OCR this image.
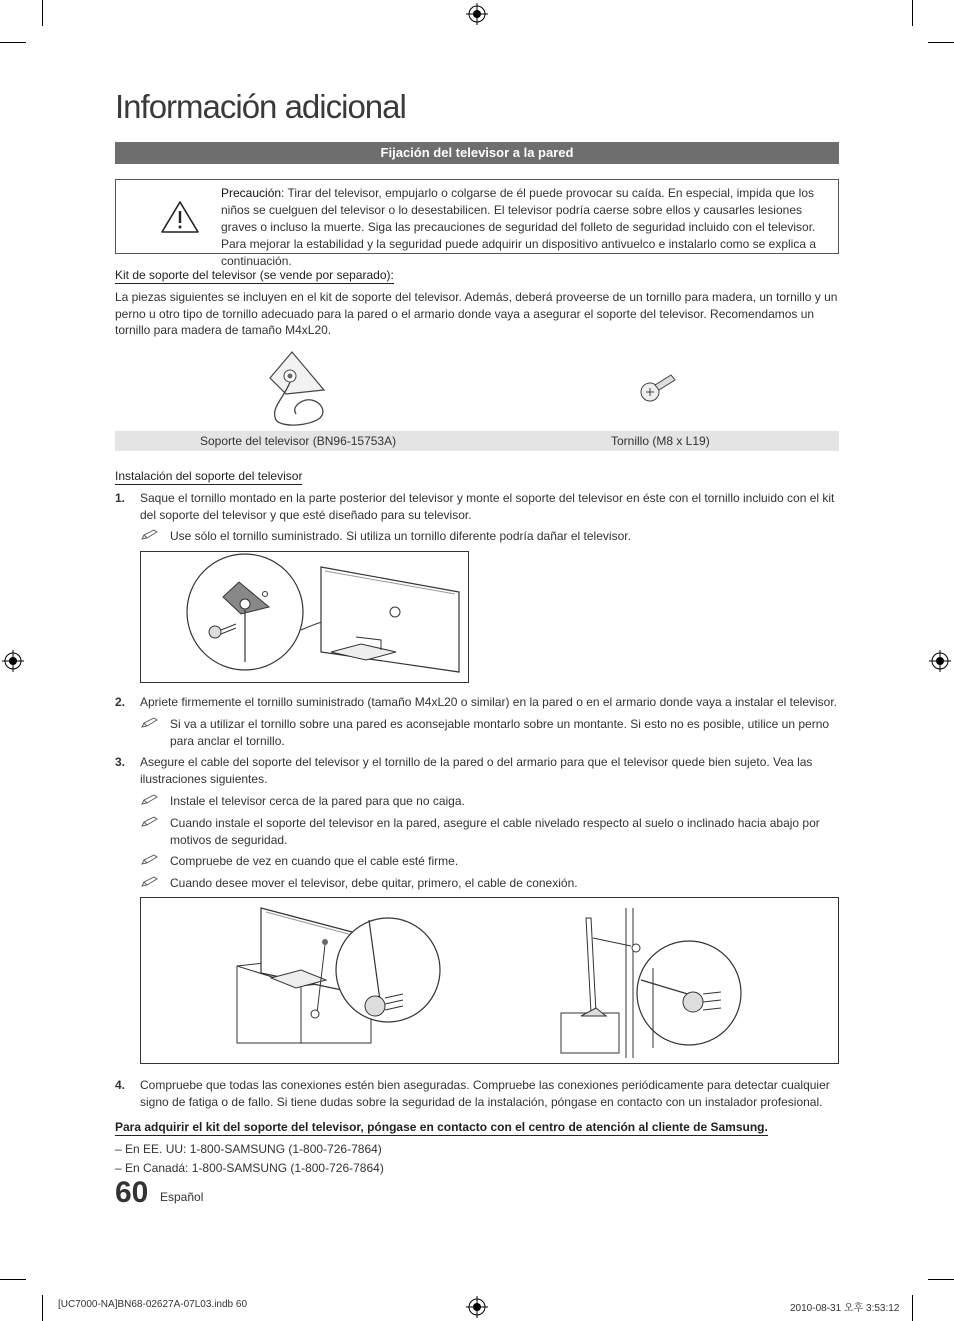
Información adicional
Fijación del televisor a la pared
Precaución: Tirar del televisor, empujarlo o colgarse de él puede provocar su caída. En especial, impida que los niños se cuelguen del televisor o lo desestabilicen. El televisor podría caerse sobre ellos y causarles lesiones graves o incluso la muerte. Siga las precauciones de seguridad del folleto de seguridad incluido con el televisor. Para mejorar la estabilidad y la seguridad puede adquirir un dispositivo antivuelco e instalarlo como se explica a continuación.
Kit de soporte del televisor (se vende por separado):
La piezas siguientes se incluyen en el kit de soporte del televisor. Además, deberá proveerse de un tornillo para madera, un tornillo y un perno u otro tipo de tornillo adecuado para la pared o el armario donde vaya a asegurar el soporte del televisor. Recomendamos un tornillo para madera de tamaño M4xL20.
Soporte del televisor (BN96-15753A)	Tornillo (M8 x L19)
Instalación del soporte del televisor
1. Saque el tornillo montado en la parte posterior del televisor y monte el soporte del televisor en éste con el tornillo incluido con el kit del soporte del televisor y que esté diseñado para su televisor.
Use sólo el tornillo suministrado. Si utiliza un tornillo diferente podría dañar el televisor.
2. Apriete firmemente el tornillo suministrado (tamaño M4xL20 o similar) en la pared o en el armario donde vaya a instalar el televisor.
Si va a utilizar el tornillo sobre una pared es aconsejable montarlo sobre un montante. Si esto no es posible, utilice un perno para anclar el tornillo.
3. Asegure el cable del soporte del televisor y el tornillo de la pared o del armario para que el televisor quede bien sujeto. Vea las ilustraciones siguientes.
Instale el televisor cerca de la pared para que no caiga.
Cuando instale el soporte del televisor en la pared, asegure el cable nivelado respecto al suelo o inclinado hacia abajo por motivos de seguridad.
Compruebe de vez en cuando que el cable esté firme.
Cuando desee mover el televisor, debe quitar, primero, el cable de conexión.
4. Compruebe que todas las conexiones estén bien aseguradas. Compruebe las conexiones periódicamente para detectar cualquier signo de fatiga o de fallo. Si tiene dudas sobre la seguridad de la instalación, póngase en contacto con un instalador profesional.
Para adquirir el kit del soporte del televisor, póngase en contacto con el centro de atención al cliente de Samsung.
– En EE. UU: 1-800-SAMSUNG (1-800-726-7864)
– En Canadá: 1-800-SAMSUNG (1-800-726-7864)
60 Español
[UC7000-NA]BN68-02627A-07L03.indb 60	2010-08-31 오후 3:53:12
